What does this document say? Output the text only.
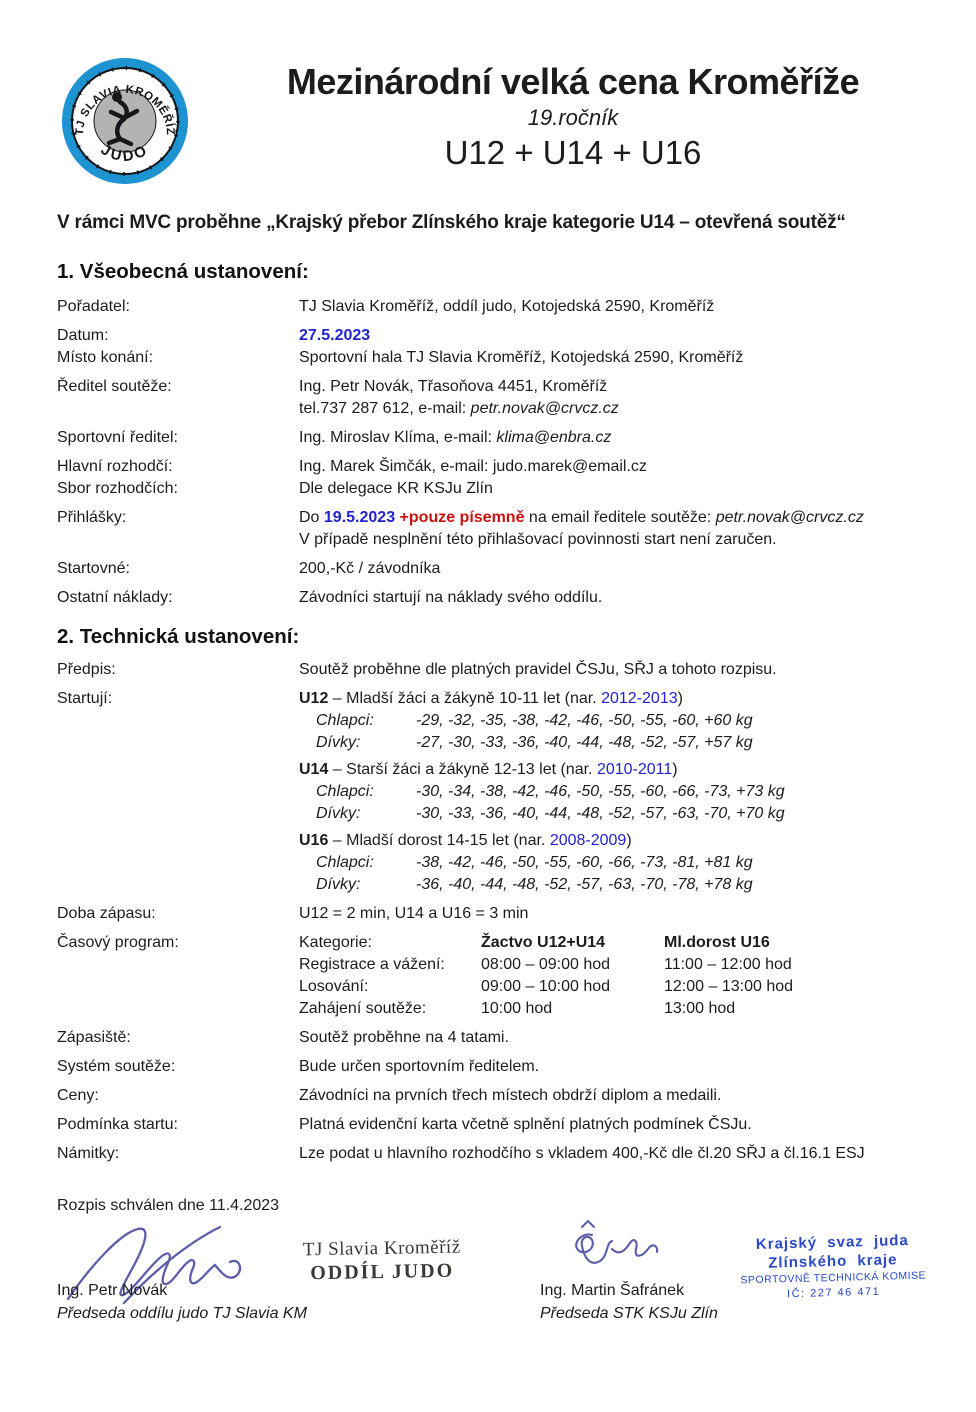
TJ SLAVIA KROMĚŘÍŽ
JUDO
Mezinárodní velká cena Kroměříže
19.ročník
U12 + U14 + U16
V rámci MVC proběhne „Krajský přebor Zlínského kraje kategorie U14 – otevřená soutěž“
1. Všeobecná ustanovení:
Pořadatel:	TJ Slavia Kroměříž, oddíl judo, Kotojedská 2590, Kroměříž
Datum:	27.5.2023
Místo konání:	Sportovní hala TJ Slavia Kroměříž, Kotojedská 2590, Kroměříž
Ředitel soutěže:	Ing. Petr Novák, Třasoňova 4451, Kroměříž
tel.737 287 612, e-mail: petr.novak@crvcz.cz
Sportovní ředitel:	Ing. Miroslav Klíma, e-mail: klima@enbra.cz
Hlavní rozhodčí:	Ing. Marek Šimčák, e-mail: judo.marek@email.cz
Sbor rozhodčích:	Dle delegace KR KSJu Zlín
Přihlášky:	Do 19.5.2023 +pouze písemně na email ředitele soutěže: petr.novak@crvcz.cz
V případě nesplnění této přihlašovací povinnosti start není zaručen.
Startovné:	200,-Kč / závodníka
Ostatní náklady:	Závodníci startují na náklady svého oddílu.
2. Technická ustanovení:
Předpis:	Soutěž proběhne dle platných pravidel ČSJu, SŘJ a tohoto rozpisu.
Startují:	U12 – Mladší žáci a žákyně 10-11 let (nar. 2012-2013)
Chlapci:	-29, -32, -35, -38, -42, -46, -50, -55, -60, +60 kg
Dívky:	-27, -30, -33, -36, -40, -44, -48, -52, -57, +57 kg
U14 – Starší žáci a žákyně 12-13 let (nar. 2010-2011)
Chlapci:	-30, -34, -38, -42, -46, -50, -55, -60, -66, -73, +73 kg
Dívky:	-30, -33, -36, -40, -44, -48, -52, -57, -63, -70, +70 kg
U16 – Mladší dorost 14-15 let (nar. 2008-2009)
Chlapci:	-38, -42, -46, -50, -55, -60, -66, -73, -81, +81 kg
Dívky:	-36, -40, -44, -48, -52, -57, -63, -70, -78, +78 kg
Doba zápasu:	U12 = 2 min, U14 a U16 = 3 min
Časový program:	Kategorie:	Žactvo U12+U14	Ml.dorost U16
Registrace a vážení:	08:00 – 09:00 hod	11:00 – 12:00 hod
Losování:	09:00 – 10:00 hod	12:00 – 13:00 hod
Zahájení soutěže:	10:00 hod	13:00 hod
Zápasiště:	Soutěž proběhne na 4 tatami.
Systém soutěže:	Bude určen sportovním ředitelem.
Ceny:	Závodníci na prvních třech místech obdrží diplom a medaili.
Podmínka startu:	Platná evidenční karta včetně splnění platných podmínek ČSJu.
Námitky:	Lze podat u hlavního rozhodčího s vkladem 400,-Kč dle čl.20 SŘJ a čl.16.1 ESJ
Rozpis schválen dne 11.4.2023
TJ Slavia Kroměříž
ODDÍL JUDO
Krajský svaz juda
Zlínského kraje
SPORTOVNĚ TECHNICKÁ KOMISE
IČ: 227 46 471
Ing. Petr Novák
Předseda oddílu judo TJ Slavia KM
Ing. Martin Šafránek
Předseda STK KSJu Zlín
